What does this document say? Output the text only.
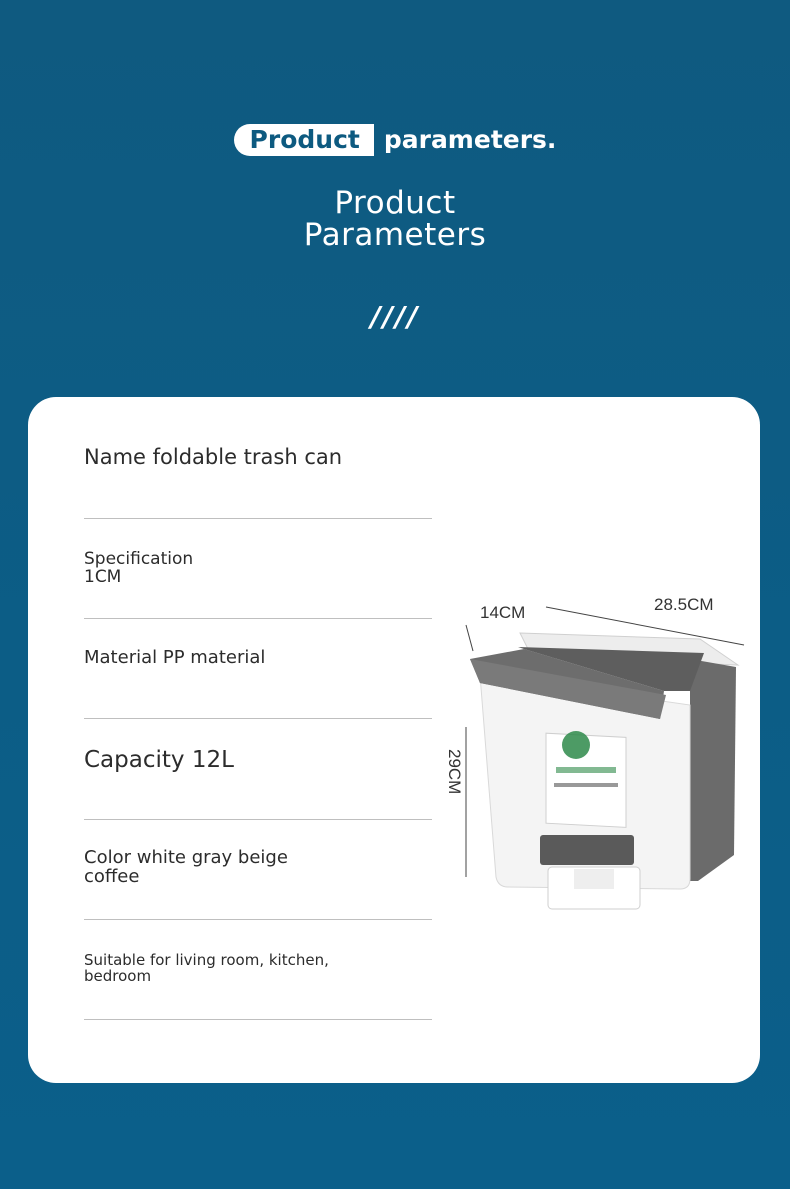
Product parameters.
Product
Parameters
////
Name foldable trash can
Specification
1CM
Material PP material
Capacity 12L
Color white gray beige
coffee
Suitable for living room, kitchen,
bedroom
14CM	28.5CM
29CM
